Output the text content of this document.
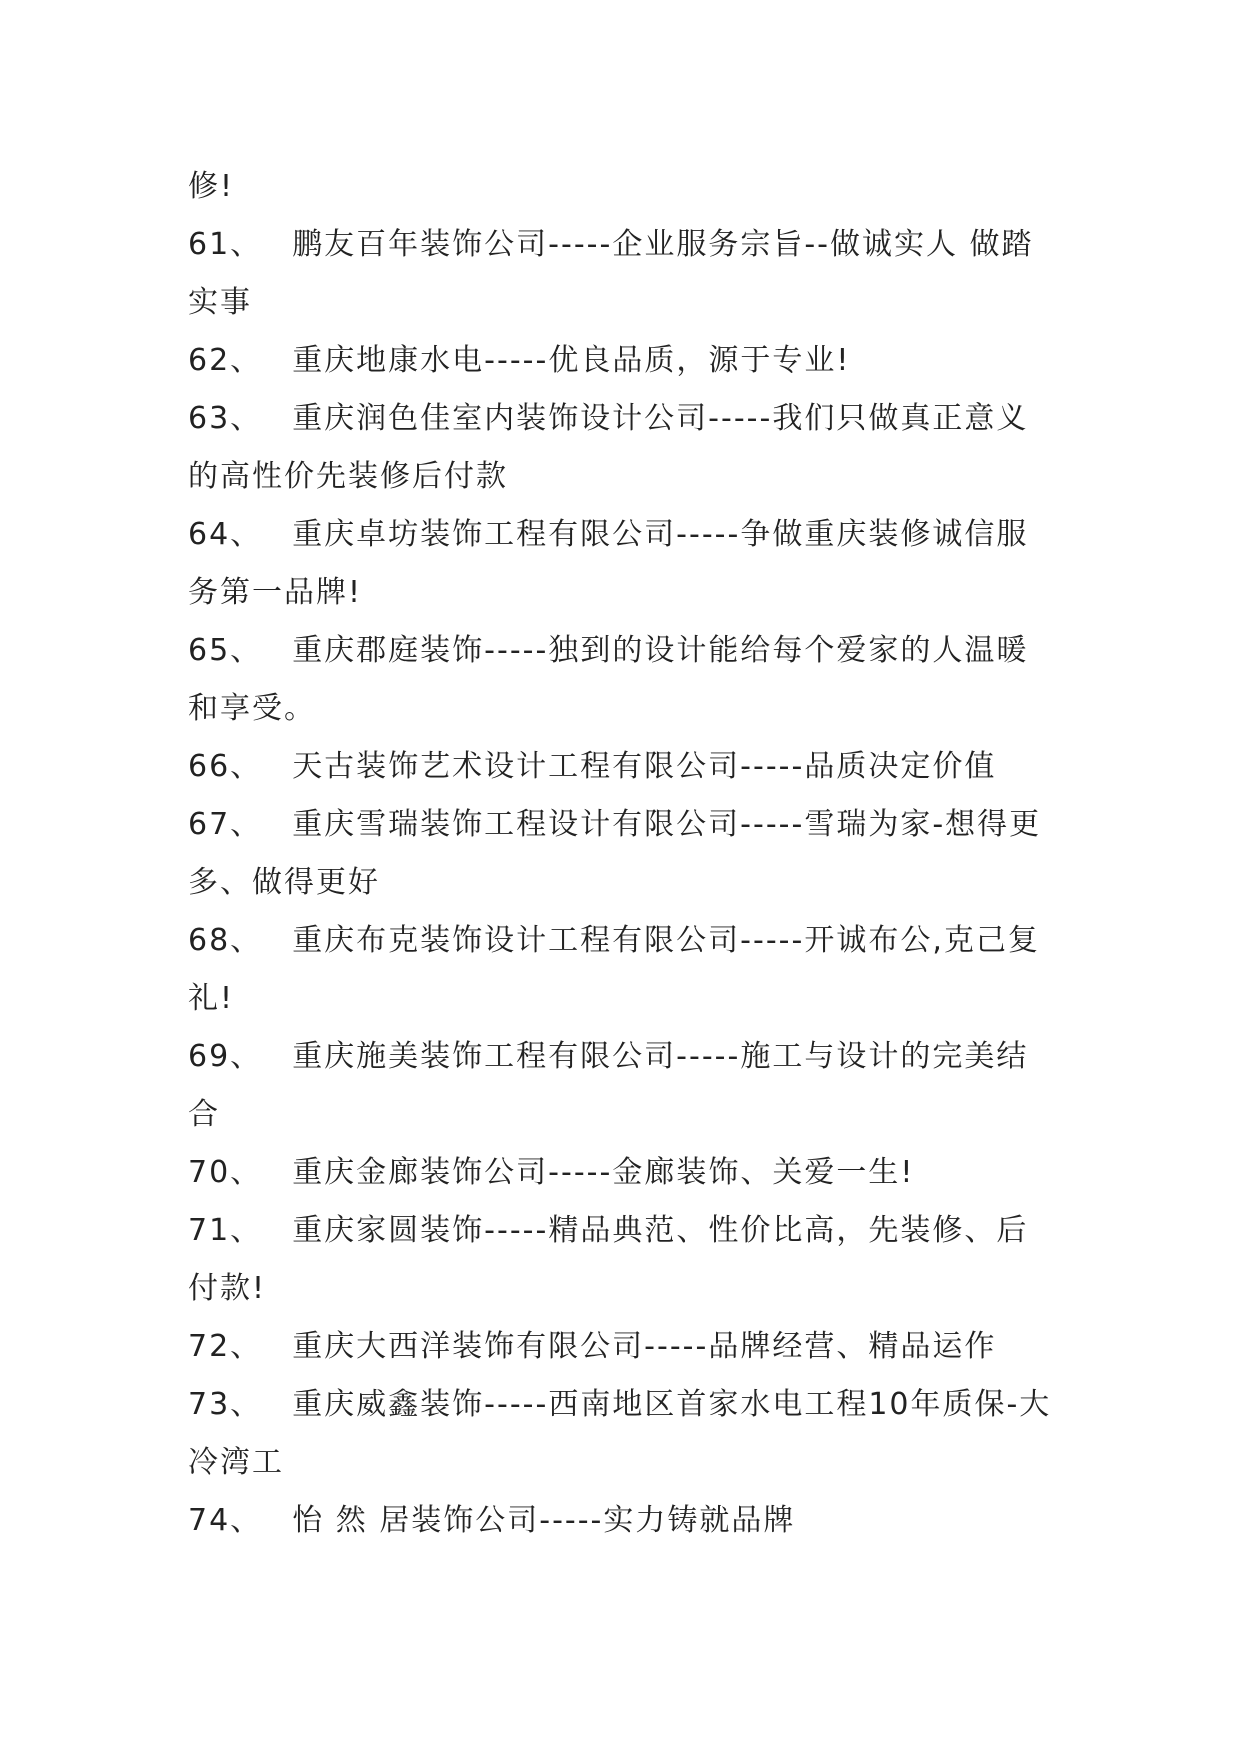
修!
61、 鹏友百年装饰公司-----企业服务宗旨--做诚实人 做踏实事
62、 重庆地康水电-----优良品质，源于专业!
63、 重庆润色佳室内装饰设计公司-----我们只做真正意义的高性价先装修后付款
64、 重庆卓坊装饰工程有限公司-----争做重庆装修诚信服务第一品牌!
65、 重庆郡庭装饰-----独到的设计能给每个爱家的人温暖和享受。
66、 天古装饰艺术设计工程有限公司-----品质决定价值
67、 重庆雪瑞装饰工程设计有限公司-----雪瑞为家-想得更多、做得更好
68、 重庆布克装饰设计工程有限公司-----开诚布公,克己复礼!
69、 重庆施美装饰工程有限公司-----施工与设计的完美结合
70、 重庆金廊装饰公司-----金廊装饰、关爱一生!
71、 重庆家圆装饰-----精品典范、性价比高，先装修、后付款!
72、 重庆大西洋装饰有限公司-----品牌经营、精品运作
73、 重庆威鑫装饰-----西南地区首家水电工程10年质保-大冷湾工
74、 怡 然 居装饰公司-----实力铸就品牌
